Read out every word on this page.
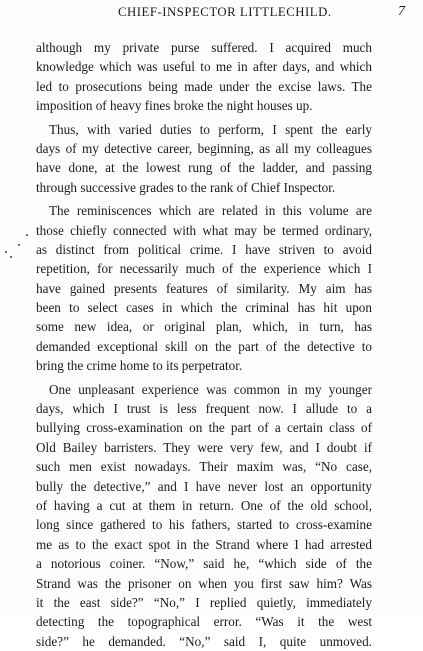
CHIEF-INSPECTOR LITTLECHILD.	7
although my private purse suffered. I acquired much
knowledge which was useful to me in after days, and which
led to prosecutions being made under the excise laws. The
imposition of heavy fines broke the night houses up.
Thus, with varied duties to perform, I spent the early
days of my detective career, beginning, as all my colleagues
have done, at the lowest rung of the ladder, and passing
through successive grades to the rank of Chief Inspector.
The reminiscences which are related in this volume are
those chiefly connected with what may be termed ordinary,
as distinct from political crime. I have striven to avoid
repetition, for necessarily much of the experience which I
have gained presents features of similarity. My aim has
been to select cases in which the criminal has hit upon
some new idea, or original plan, which, in turn, has
demanded exceptional skill on the part of the detective to
bring the crime home to its perpetrator.
One unpleasant experience was common in my younger
days, which I trust is less frequent now. I allude to a
bullying cross-examination on the part of a certain class of
Old Bailey barristers. They were very few, and I doubt if
such men exist nowadays. Their maxim was, “No case,
bully the detective,” and I have never lost an opportunity
of having a cut at them in return. One of the old school,
long since gathered to his fathers, started to cross-examine
me as to the exact spot in the Strand where I had arrested
a notorious coiner. “Now,” said he, “which side of the
Strand was the prisoner on when you first saw him? Was
it the east side?” “No,” I replied quietly, immediately
detecting the topographical error. “Was it the west
side?” he demanded. “No,” said I, quite unmoved.
